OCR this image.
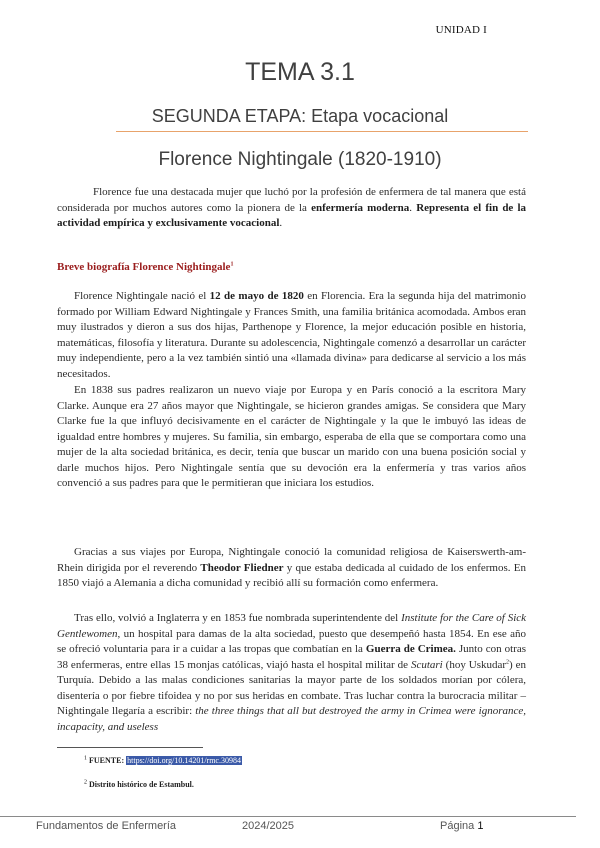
UNIDAD I
TEMA 3.1
SEGUNDA ETAPA: Etapa vocacional
Florence Nightingale (1820-1910)

Florence fue una destacada mujer que luchó por la profesión de enfermera de tal manera que está considerada por muchos autores como la pionera de la enfermería moderna. Representa el fin de la actividad empírica y exclusivamente vocacional.

Breve biografía Florence Nightingale$^1$

Florence Nightingale nació el 12 de mayo de 1820 en Florencia. Era la segunda hija del matrimonio formado por William Edward Nightingale y Frances Smith, una familia británica acomodada. Ambos eran muy ilustrados y dieron a sus dos hijas, Parthenope y Florence, la mejor educación posible en historia, matemáticas, filosofía y literatura. Durante su adolescencia, Nightingale comenzó a desarrollar un carácter muy independiente, pero a la vez también sintió una «llamada divina» para dedicarse al servicio a los más necesitados.

En 1838 sus padres realizaron un nuevo viaje por Europa y en París conoció a la escritora Mary Clarke. Aunque era 27 años mayor que Nightingale, se hicieron grandes amigas. Se considera que Mary Clarke fue la que influyó decisivamente en el carácter de Nightingale y la que le imbuyó las ideas de igualdad entre hombres y mujeres. Su familia, sin embargo, esperaba de ella que se comportara como una mujer de la alta sociedad británica, es decir, tenía que buscar un marido con una buena posición social y darle muchos hijos. Pero Nightingale sentía que su devoción era la enfermería y tras varios años convenció a sus padres para que le permitieran que iniciara los estudios.

Gracias a sus viajes por Europa, Nightingale conoció la comunidad religiosa de Kaiserswerth-am-Rhein dirigida por el reverendo Theodor Fliedner y que estaba dedicada al cuidado de los enfermos. En 1850 viajó a Alemania a dicha comunidad y recibió allí su formación como enfermera.

Tras ello, volvió a Inglaterra y en 1853 fue nombrada superintendente del Institute for the Care of Sick Gentlewomen, un hospital para damas de la alta sociedad, puesto que desempeñó hasta 1854. En ese año se ofreció voluntaria para ir a cuidar a las tropas que combatían en la Guerra de Crimea. Junto con otras 38 enfermeras, entre ellas 15 monjas católicas, viajó hasta el hospital militar de Scutari (hoy Uskudar$^2$) en Turquía. Debido a las malas condiciones sanitarias la mayor parte de los soldados morían por cólera, disentería o por fiebre tifoidea y no por sus heridas en combate. Tras luchar contra la burocracia militar – Nightingale llegaría a escribir: the three things that all but destroyed the army in Crimea were ignorance, incapacity, and useless

$^1$ FUENTE: https://doi.org/10.14201/rmc.30984
$^2$ Distrito histórico de Estambul.
Fundamentos de Enfermería	2024/2025	Página 1
